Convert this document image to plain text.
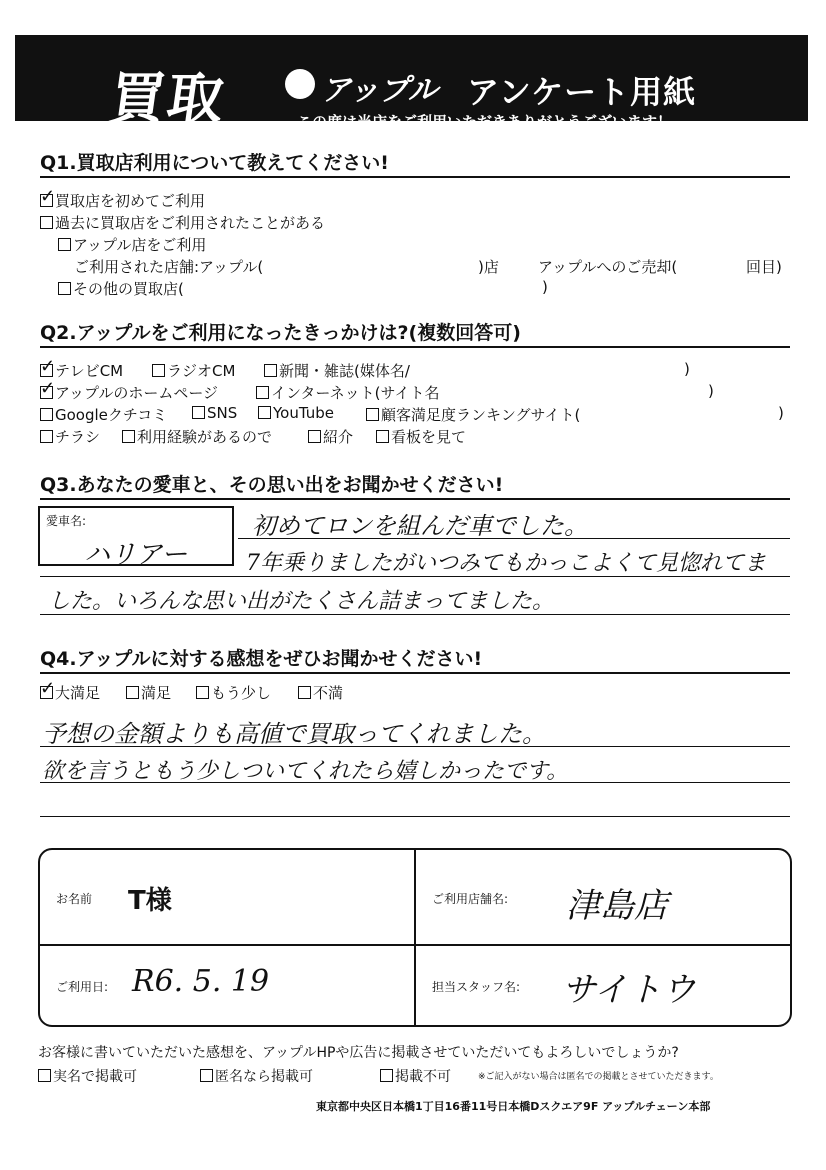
買取	アップル アンケート用紙
この度は当店をご利用いただきありがとうございます！
Q1.買取店利用について教えてください!
✓買取店を初めてご利用
過去に買取店をご利用されたことがある
アップル店をご利用
ご利用された店舗:アップル(	)店	アップルへのご売却(	回目)
その他の買取店(	)
Q2.アップルをご利用になったきっかけは?(複数回答可)
✓テレビCM	ラジオCM	新聞・雑誌(媒体名/	)
✓アップルのホームページ	インターネット(サイト名	)
Googleクチコミ	SNS	YouTube	顧客満足度ランキングサイト(	)
チラシ	利用経験があるので	紹介	看板を見て
Q3.あなたの愛車と、その思い出をお聞かせください!
愛車名:
ハリアー
初めてロンを組んだ車でした。
7年乗りましたがいつみてもかっこよくて見惚れてま
した。いろんな思い出がたくさん詰まってました。
Q4.アップルに対する感想をぜひお聞かせください!
✓大満足	満足	もう少し	不満
予想の金額よりも高値で買取ってくれました。
欲を言うともう少しついてくれたら嬉しかったです。
お名前 T様	ご利用店舗名: 津島店
ご利用日: R6. 5. 19	担当スタッフ名: サイトウ
お客様に書いていただいた感想を、アップルHPや広告に掲載させていただいてもよろしいでしょうか?
実名で掲載可	匿名なら掲載可	掲載不可	※ご記入がない場合は匿名での掲載とさせていただきます。
東京都中央区日本橋1丁目16番11号日本橋Dスクエア9F アップルチェーン本部
